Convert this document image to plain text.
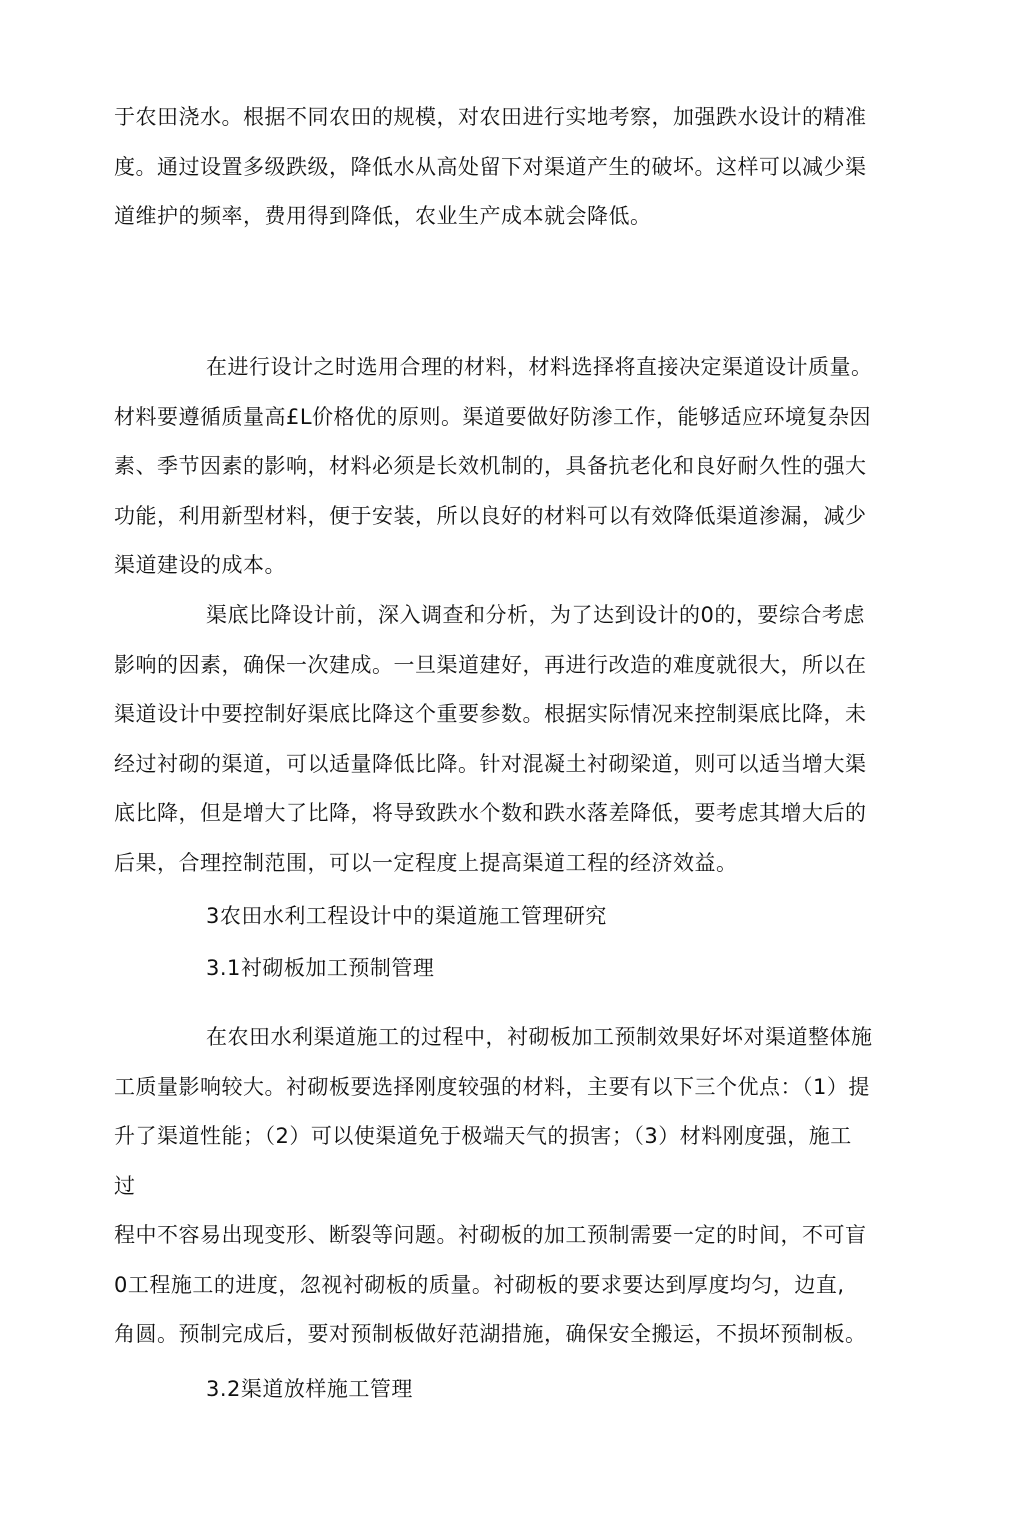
于农田浇水。根据不同农田的规模，对农田进行实地考察，加强跌水设计的精准
度。通过设置多级跌级，降低水从高处留下对渠道产生的破坏。这样可以减少渠
道维护的频率，费用得到降低，农业生产成本就会降低。
在进行设计之时选用合理的材料，材料选择将直接决定渠道设计质量。
材料要遵循质量高£L价格优的原则。渠道要做好防渗工作，能够适应环境复杂因
素、季节因素的影响，材料必须是长效机制的，具备抗老化和良好耐久性的强大
功能，利用新型材料，便于安装，所以良好的材料可以有效降低渠道渗漏，减少
渠道建设的成本。
渠底比降设计前，深入调查和分析，为了达到设计的0的，要综合考虑
影响的因素，确保一次建成。一旦渠道建好，再进行改造的难度就很大，所以在
渠道设计中要控制好渠底比降这个重要参数。根据实际情况来控制渠底比降，未
经过衬砌的渠道，可以适量降低比降。针对混凝土衬砌梁道，则可以适当增大渠
底比降，但是增大了比降，将导致跌水个数和跌水落差降低，要考虑其增大后的
后果，合理控制范围，可以一定程度上提高渠道工程的经济效益。
3农田水利工程设计中的渠道施工管理研究
3.1衬砌板加工预制管理
在农田水利渠道施工的过程中，衬砌板加工预制效果好坏对渠道整体施
工质量影响较大。衬砌板要选择刚度较强的材料，主要有以下三个优点：（1）提
升了渠道性能；（2）可以使渠道免于极端天气的损害；（3）材料刚度强，施工
过
程中不容易出现变形、断裂等问题。衬砌板的加工预制需要一定的时间，不可盲
0工程施工的进度，忽视衬砌板的质量。衬砌板的要求要达到厚度均匀，边直,
角圆。预制完成后，要对预制板做好范湖措施，确保安全搬运，不损坏预制板。
3.2渠道放样施工管理
